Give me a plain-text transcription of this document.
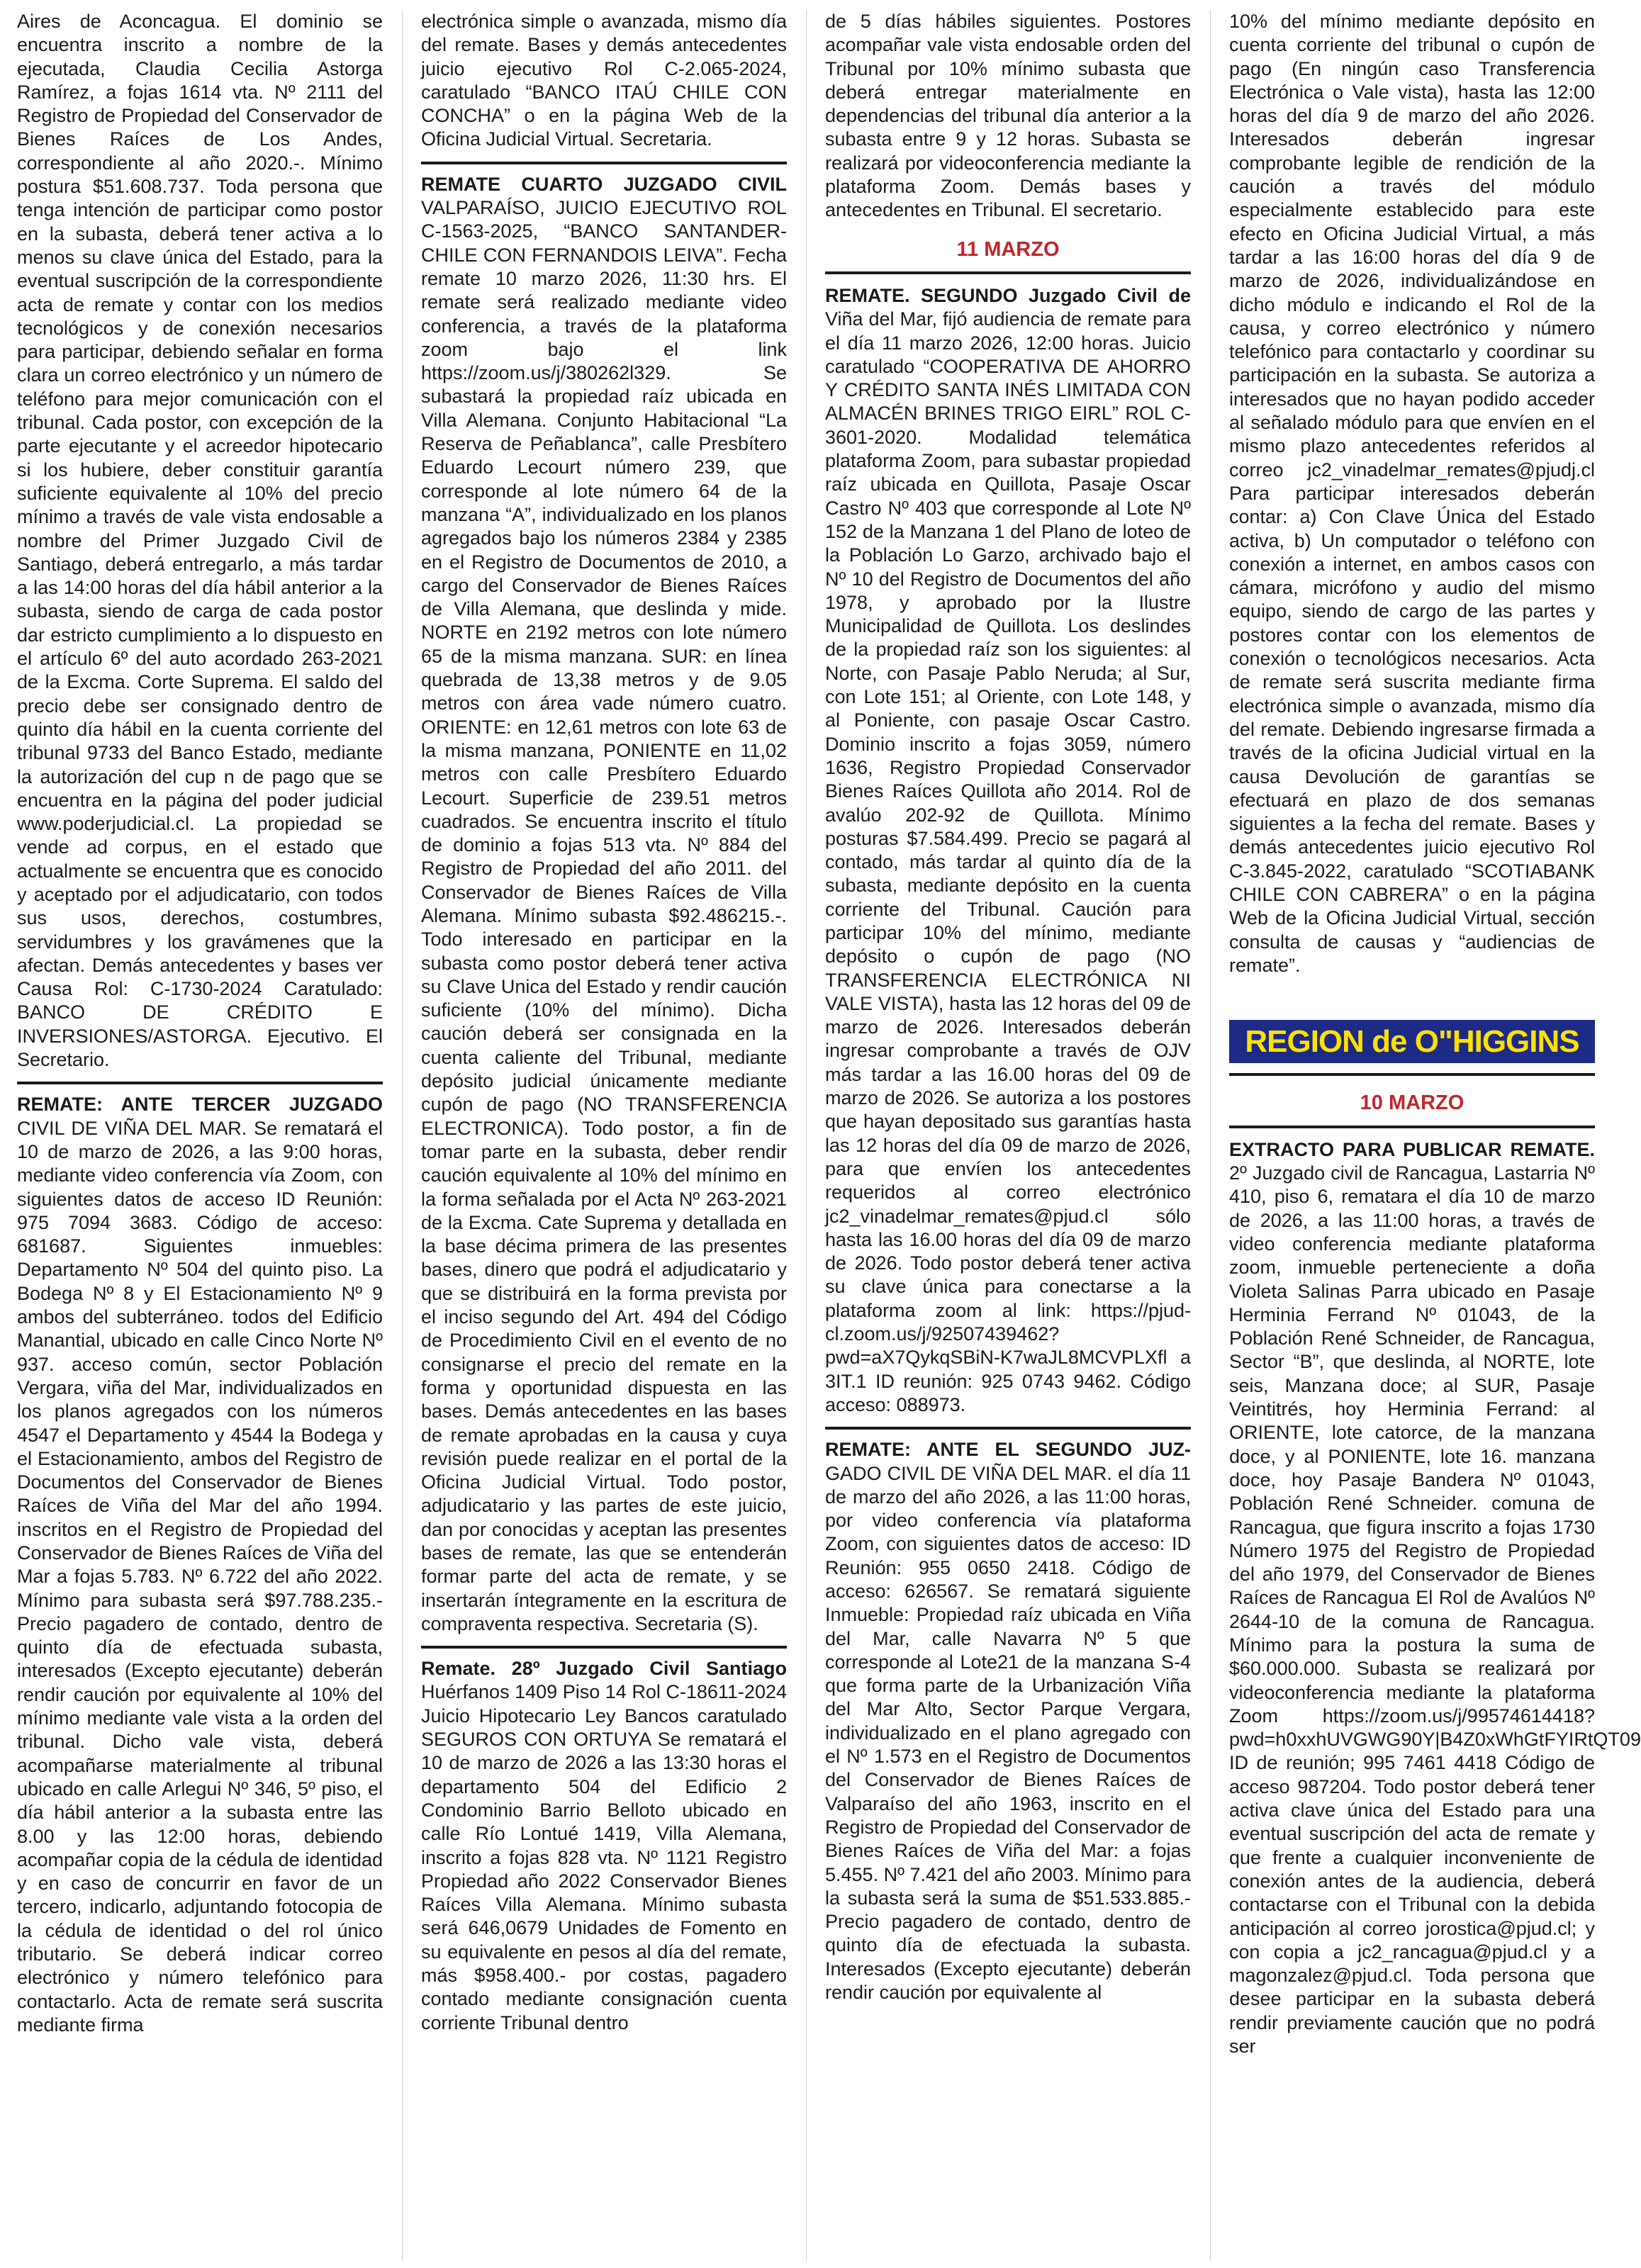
Aires de Aconcagua. El dominio se encuentra inscrito a nombre de la ejecutada, Claudia Cecilia Astorga Ramírez, a fojas 1614 vta. Nº 2111 del Registro de Propiedad del Conservador de Bienes Raíces de Los Andes, correspondiente al año 2020.-. Mínimo postura $51.608.737. Toda persona que tenga intención de participar como postor en la subasta, deberá tener activa a lo menos su clave única del Estado, para la eventual suscripción de la correspondiente acta de remate y contar con los medios tecnológicos y de conexión necesarios para participar, debiendo señalar en forma clara un correo electrónico y un número de teléfono para mejor comunicación con el tribunal. Cada postor, con excepción de la parte ejecutante y el acreedor hipotecario si los hubiere, deber constituir garantía suficiente equivalente al 10% del precio mínimo a través de vale vista endosable a nombre del Primer Juzgado Civil de Santiago, deberá entregarlo, a más tardar a las 14:00 horas del día hábil anterior a la subasta, siendo de carga de cada postor dar estricto cumplimiento a lo dispuesto en el artículo 6º del auto acordado 263-2021 de la Excma. Corte Suprema. El saldo del precio debe ser consignado dentro de quinto día hábil en la cuenta corriente del tribunal 9733 del Banco Estado, mediante la autorización del cup n de pago que se encuentra en la página del poder judicial www.poderjudicial.cl. La propiedad se vende ad corpus, en el estado que actualmente se encuentra que es conocido y aceptado por el adjudicatario, con todos sus usos, derechos, costumbres, servidumbres y los gravámenes que la afectan. Demás antecedentes y bases ver Causa Rol: C-1730-2024 Caratulado: BANCO DE CRÉDITO E INVERSIONES/ASTORGA. Ejecutivo. El Secretario.

REMATE: ANTE TERCER JUZGADO CIVIL DE VIÑA DEL MAR. Se rematará el 10 de marzo de 2026, a las 9:00 horas, mediante video conferencia vía Zoom, con siguientes datos de acceso ID Reunión: 975 7094 3683. Código de acceso: 681687. Siguientes inmuebles: Departamento Nº 504 del quinto piso. La Bodega Nº 8 y El Estacionamiento Nº 9 ambos del subterráneo. todos del Edificio Manantial, ubicado en calle Cinco Norte Nº 937. acceso común, sector Población Vergara, viña del Mar, individualizados en los planos agregados con los números 4547 el Departamento y 4544 la Bodega y el Estacionamiento, ambos del Registro de Documentos del Conservador de Bienes Raíces de Viña del Mar del año 1994. inscritos en el Registro de Propiedad del Conservador de Bienes Raíces de Viña del Mar a fojas 5.783. Nº 6.722 del año 2022. Mínimo para subasta será $97.788.235.- Precio pagadero de contado, dentro de quinto día de efectuada subasta, interesados (Excepto ejecutante) deberán rendir caución por equivalente al 10% del mínimo mediante vale vista a la orden del tribunal. Dicho vale vista, deberá acompañarse materialmente al tribunal ubicado en calle Arlegui Nº 346, 5º piso, el día hábil anterior a la subasta entre las 8.00 y las 12:00 horas, debiendo acompañar copia de la cédula de identidad y en caso de concurrir en favor de un tercero, indicarlo, adjuntando fotocopia de la cédula de identidad o del rol único tributario. Se deberá indicar correo electrónico y número telefónico para contactarlo. Acta de remate será suscrita mediante firma

electrónica simple o avanzada, mismo día del remate. Bases y demás antecedentes juicio ejecutivo Rol C-2.065-2024, caratulado “BANCO ITAÚ CHILE CON CONCHA” o en la página Web de la Oficina Judicial Virtual. Secretaria.

REMATE CUARTO JUZGADO CIVIL VALPARAÍSO, JUICIO EJECUTIVO ROL C-1563-2025, “BANCO SANTANDER-CHILE CON FERNANDOIS LEIVA”. Fecha remate 10 marzo 2026, 11:30 hrs. El remate será realizado mediante video conferencia, a través de la plataforma zoom bajo el link https://zoom.us/j/380262l329. Se subastará la propiedad raíz ubicada en Villa Alemana. Conjunto Habitacional “La Reserva de Peñablanca”, calle Presbítero Eduardo Lecourt número 239, que corresponde al lote número 64 de la manzana “A”, individualizado en los planos agregados bajo los números 2384 y 2385 en el Registro de Documentos de 2010, a cargo del Conservador de Bienes Raíces de Villa Alemana, que deslinda y mide. NORTE en 2192 metros con lote número 65 de la misma manzana. SUR: en línea quebrada de 13,38 metros y de 9.05 metros con área vade número cuatro. ORIENTE: en 12,61 metros con lote 63 de la misma manzana, PONIENTE en 11,02 metros con calle Presbítero Eduardo Lecourt. Superficie de 239.51 metros cuadrados. Se encuentra inscrito el título de dominio a fojas 513 vta. Nº 884 del Registro de Propiedad del año 2011. del Conservador de Bienes Raíces de Villa Alemana. Mínimo subasta $92.486215.-. Todo interesado en participar en la subasta como postor deberá tener activa su Clave Unica del Estado y rendir caución suficiente (10% del mínimo). Dicha caución deberá ser consignada en la cuenta caliente del Tribunal, mediante depósito judicial únicamente mediante cupón de pago (NO TRANSFERENCIA ELECTRONICA). Todo postor, a fin de tomar parte en la subasta, deber rendir caución equivalente al 10% del mínimo en la forma señalada por el Acta Nº 263-2021 de la Excma. Cate Suprema y detallada en la base décima primera de las presentes bases, dinero que podrá el adjudicatario y que se distribuirá en la forma prevista por el inciso segundo del Art. 494 del Código de Procedimiento Civil en el evento de no consignarse el precio del remate en la forma y oportunidad dispuesta en las bases. Demás antecedentes en las bases de remate aprobadas en la causa y cuya revisión puede realizar en el portal de la Oficina Judicial Virtual. Todo postor, adjudicatario y las partes de este juicio, dan por conocidas y aceptan las presentes bases de remate, las que se entenderán formar parte del acta de remate, y se insertarán íntegramente en la escritura de compraventa respectiva. Secretaria (S).

Remate. 28º Juzgado Civil Santiago Huérfanos 1409 Piso 14 Rol C-18611-2024 Juicio Hipotecario Ley Bancos caratulado SEGUROS CON ORTUYA Se rematará el 10 de marzo de 2026 a las 13:30 horas el departamento 504 del Edificio 2 Condominio Barrio Belloto ubicado en calle Río Lontué 1419, Villa Alemana, inscrito a fojas 828 vta. Nº 1121 Registro Propiedad año 2022 Conservador Bienes Raíces Villa Alemana. Mínimo subasta será 646,0679 Unidades de Fomento en su equivalente en pesos al día del remate, más $958.400.- por costas, pagadero contado mediante consignación cuenta corriente Tribunal dentro

de 5 días hábiles siguientes. Postores acompañar vale vista endosable orden del Tribunal por 10% mínimo subasta que deberá entregar materialmente en dependencias del tribunal día anterior a la subasta entre 9 y 12 horas. Subasta se realizará por videoconferencia mediante la plataforma Zoom. Demás bases y antecedentes en Tribunal. El secretario.

11 MARZO

REMATE. SEGUNDO Juzgado Civil de Viña del Mar, fijó audiencia de remate para el día 11 marzo 2026, 12:00 horas. Juicio caratulado “COOPERATIVA DE AHORRO Y CRÉDITO SANTA INÉS LIMITADA CON ALMACÉN BRINES TRIGO EIRL” ROL C-3601-2020. Modalidad telemática plataforma Zoom, para subastar propiedad raíz ubicada en Quillota, Pasaje Oscar Castro Nº 403 que corresponde al Lote Nº 152 de la Manzana 1 del Plano de loteo de la Población Lo Garzo, archivado bajo el Nº 10 del Registro de Documentos del año 1978, y aprobado por la Ilustre Municipalidad de Quillota. Los deslindes de la propiedad raíz son los siguientes: al Norte, con Pasaje Pablo Neruda; al Sur, con Lote 151; al Oriente, con Lote 148, y al Poniente, con pasaje Oscar Castro. Dominio inscrito a fojas 3059, número 1636, Registro Propiedad Conservador Bienes Raíces Quillota año 2014. Rol de avalúo 202-92 de Quillota. Mínimo posturas $7.584.499. Precio se pagará al contado, más tardar al quinto día de la subasta, mediante depósito en la cuenta corriente del Tribunal. Caución para participar 10% del mínimo, mediante depósito o cupón de pago (NO TRANSFERENCIA ELECTRÓNICA NI VALE VISTA), hasta las 12 horas del 09 de marzo de 2026. Interesados deberán ingresar comprobante a través de OJV más tardar a las 16.00 horas del 09 de marzo de 2026. Se autoriza a los postores que hayan depositado sus garantías hasta las 12 horas del día 09 de marzo de 2026, para que envíen los antecedentes requeridos al correo electrónico jc2_vinadelmar_remates@pjud.cl sólo hasta las 16.00 horas del día 09 de marzo de 2026. Todo postor deberá tener activa su clave única para conectarse a la plataforma zoom al link: https://pjud-cl.zoom.us/j/92507439462?pwd=aX7QykqSBiN-K7waJL8MCVPLXfl a 3IT.1 ID reunión: 925 0743 9462. Código acceso: 088973.

REMATE: ANTE EL SEGUNDO JUZ- GADO CIVIL DE VIÑA DEL MAR. el día 11 de marzo del año 2026, a las 11:00 horas, por video conferencia vía plataforma Zoom, con siguientes datos de acceso: ID Reunión: 955 0650 2418. Código de acceso: 626567. Se rematará siguiente Inmueble: Propiedad raíz ubicada en Viña del Mar, calle Navarra Nº 5 que corresponde al Lote21 de la manzana S-4 que forma parte de la Urbanización Viña del Mar Alto, Sector Parque Vergara, individualizado en el plano agregado con el Nº 1.573 en el Registro de Documentos del Conservador de Bienes Raíces de Valparaíso del año 1963, inscrito en el Registro de Propiedad del Conservador de Bienes Raíces de Viña del Mar: a fojas 5.455. Nº 7.421 del año 2003. Mínimo para la subasta será la suma de $51.533.885.- Precio pagadero de contado, dentro de quinto día de efectuada la subasta. Interesados (Excepto ejecutante) deberán rendir caución por equivalente al

10% del mínimo mediante depósito en cuenta corriente del tribunal o cupón de pago (En ningún caso Transferencia Electrónica o Vale vista), hasta las 12:00 horas del día 9 de marzo del año 2026. Interesados deberán ingresar comprobante legible de rendición de la caución a través del módulo especialmente establecido para este efecto en Oficina Judicial Virtual, a más tardar a las 16:00 horas del día 9 de marzo de 2026, individualizándose en dicho módulo e indicando el Rol de la causa, y correo electrónico y número telefónico para contactarlo y coordinar su participación en la subasta. Se autoriza a interesados que no hayan podido acceder al señalado módulo para que envíen en el mismo plazo antecedentes referidos al correo jc2_vinadelmar_remates@pjudj.cl Para participar interesados deberán contar: a) Con Clave Única del Estado activa, b) Un computador o teléfono con conexión a internet, en ambos casos con cámara, micrófono y audio del mismo equipo, siendo de cargo de las partes y postores contar con los elementos de conexión o tecnológicos necesarios. Acta de remate será suscrita mediante firma electrónica simple o avanzada, mismo día del remate. Debiendo ingresarse firmada a través de la oficina Judicial virtual en la causa Devolución de garantías se efectuará en plazo de dos semanas siguientes a la fecha del remate. Bases y demás antecedentes juicio ejecutivo Rol C-3.845-2022, caratulado “SCOTIABANK CHILE CON CABRERA” o en la página Web de la Oficina Judicial Virtual, sección consulta de causas y “audiencias de remate”.

REGION de O"HIGGINS
10 MARZO

EXTRACTO PARA PUBLICAR REMATE. 2º Juzgado civil de Rancagua, Lastarria Nº 410, piso 6, rematara el día 10 de marzo de 2026, a las 11:00 horas, a través de video conferencia mediante plataforma zoom, inmueble perteneciente a doña Violeta Salinas Parra ubicado en Pasaje Herminia Ferrand Nº 01043, de la Población René Schneider, de Rancagua, Sector “B”, que deslinda, al NORTE, lote seis, Manzana doce; al SUR, Pasaje Veintitrés, hoy Herminia Ferrand: al ORIENTE, lote catorce, de la manzana doce, y al PONIENTE, lote 16. manzana doce, hoy Pasaje Bandera Nº 01043, Población René Schneider. comuna de Rancagua, que figura inscrito a fojas 1730 Número 1975 del Registro de Propiedad del año 1979, del Conservador de Bienes Raíces de Rancagua El Rol de Avalúos Nº 2644-10 de la comuna de Rancagua. Mínimo para la postura la suma de $60.000.000. Subasta se realizará por videoconferencia mediante la plataforma Zoom https://zoom.us/j/99574614418?pwd=h0xxhUVGWG90Y|B4Z0xWhGtFYIRtQT09 ID de reunión; 995 7461 4418 Código de acceso 987204. Todo postor deberá tener activa clave única del Estado para una eventual suscripción del acta de remate y que frente a cualquier inconveniente de conexión antes de la audiencia, deberá contactarse con el Tribunal con la debida anticipación al correo jorostica@pjud.cl; y con copia a jc2_rancagua@pjud.cl y a magonzalez@pjud.cl. Toda persona que desee participar en la subasta deberá rendir previamente caución que no podrá ser
